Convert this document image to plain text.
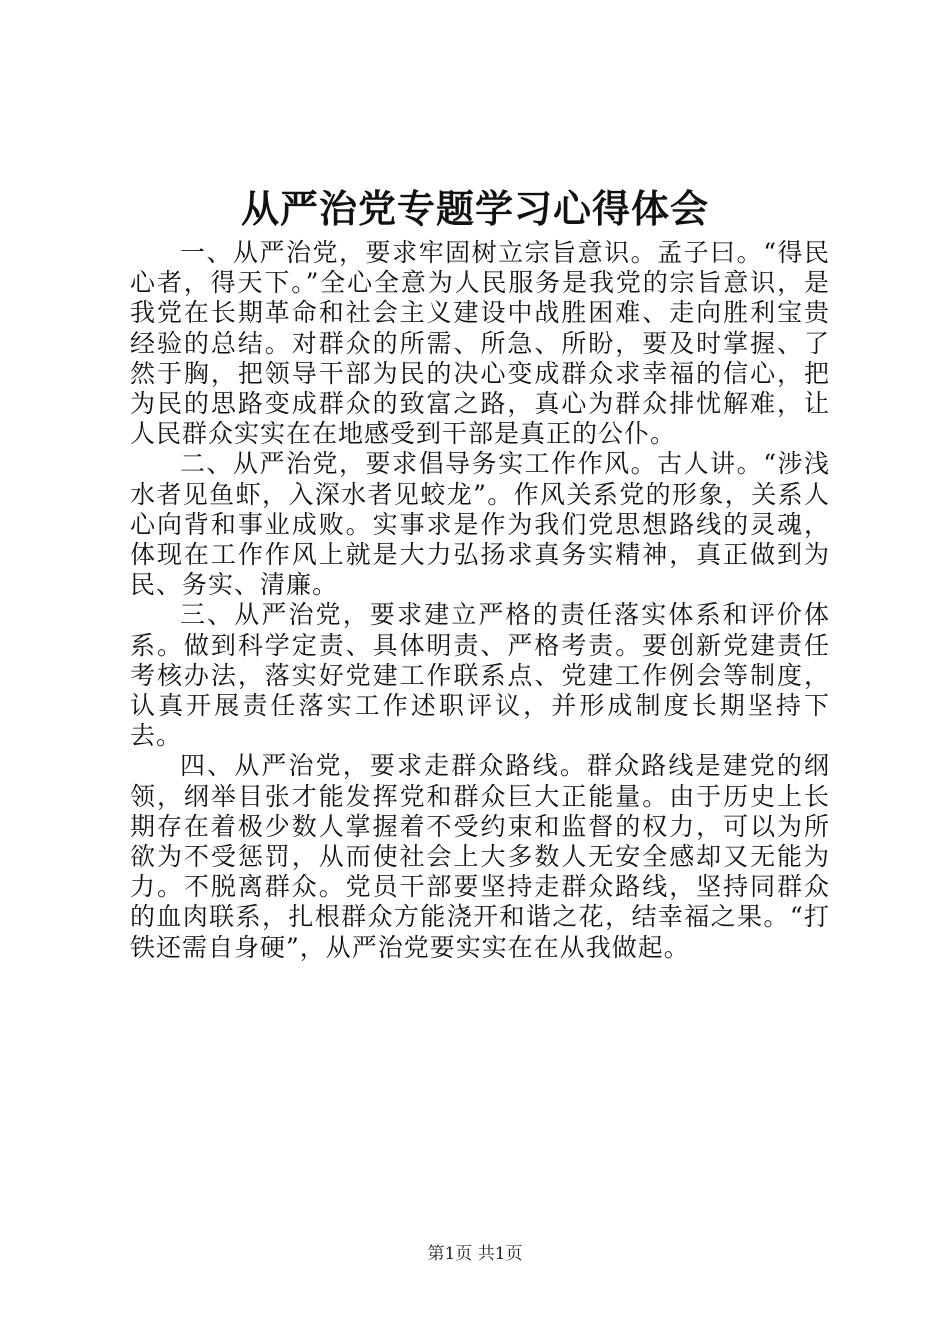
从严治党专题学习心得体会

一、从严治党，要求牢固树立宗旨意识。孟子曰。“得民心者，得天下。”全心全意为人民服务是我党的宗旨意识，是我党在长期革命和社会主义建设中战胜困难、走向胜利宝贵经验的总结。对群众的所需、所急、所盼，要及时掌握、了然于胸，把领导干部为民的决心变成群众求幸福的信心，把为民的思路变成群众的致富之路，真心为群众排忧解难，让人民群众实实在在地感受到干部是真正的公仆。

二、从严治党，要求倡导务实工作作风。古人讲。“涉浅水者见鱼虾，入深水者见蛟龙”。作风关系党的形象，关系人心向背和事业成败。实事求是作为我们党思想路线的灵魂，体现在工作作风上就是大力弘扬求真务实精神，真正做到为民、务实、清廉。

三、从严治党，要求建立严格的责任落实体系和评价体系。做到科学定责、具体明责、严格考责。要创新党建责任考核办法，落实好党建工作联系点、党建工作例会等制度，认真开展责任落实工作述职评议，并形成制度长期坚持下去。

四、从严治党，要求走群众路线。群众路线是建党的纲领，纲举目张才能发挥党和群众巨大正能量。由于历史上长期存在着极少数人掌握着不受约束和监督的权力，可以为所欲为不受惩罚，从而使社会上大多数人无安全感却又无能为力。不脱离群众。党员干部要坚持走群众路线，坚持同群众的血肉联系，扎根群众方能浇开和谐之花，结幸福之果。“打铁还需自身硬”，从严治党要实实在在从我做起。

第1页 共1页
